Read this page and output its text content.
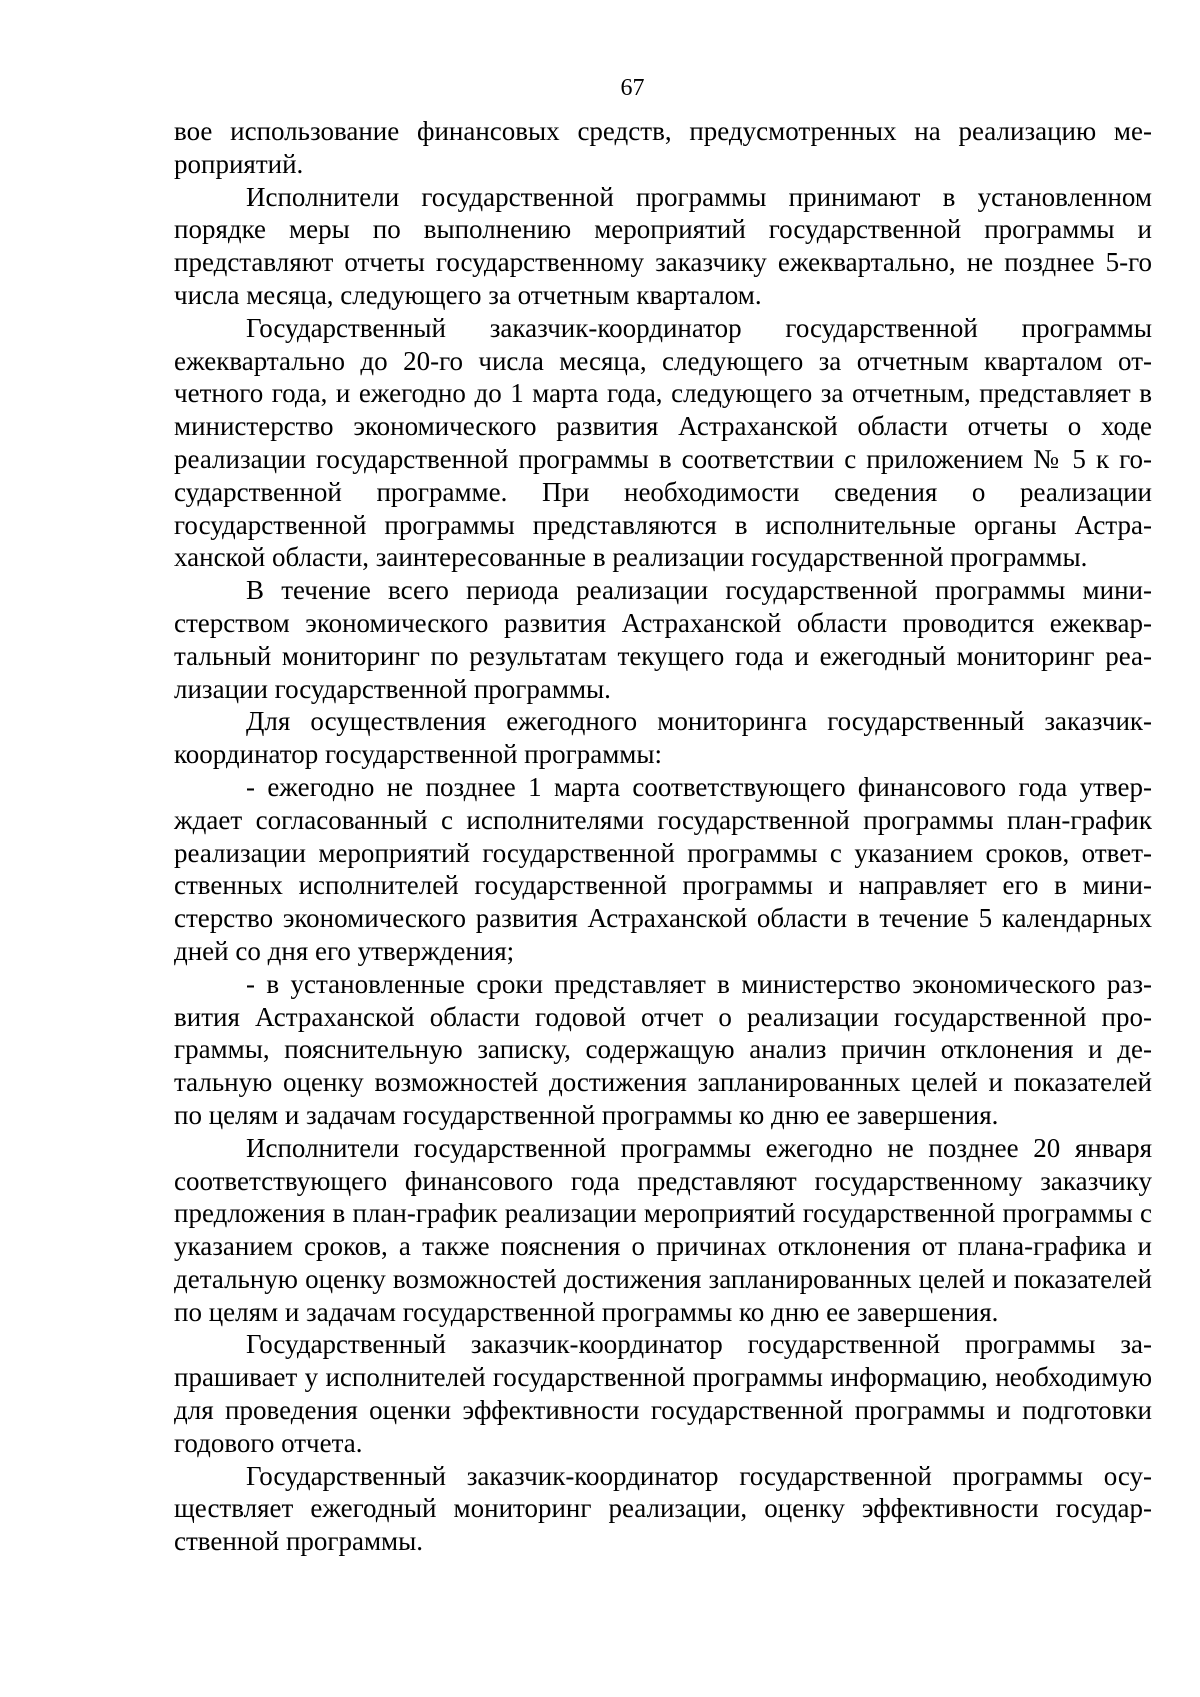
67

вое использование финансовых средств, предусмотренных на реализацию мероприятий.

Исполнители государственной программы принимают в установленном порядке меры по выполнению мероприятий государственной программы и представляют отчеты государственному заказчику ежеквартально, не позднее 5-го числа месяца, следующего за отчетным кварталом.

Государственный заказчик-координатор государственной программы ежеквартально до 20-го числа месяца, следующего за отчетным кварталом отчетного года, и ежегодно до 1 марта года, следующего за отчетным, представляет в министерство экономического развития Астраханской области отчеты о ходе реализации государственной программы в соответствии с приложением № 5 к го-сударственной программе. При необходимости сведения о реализации государственной программы представляются в исполнительные органы Астраханской области, заинтересованные в реализации государственной программы.

В течение всего периода реализации государственной программы министерством экономического развития Астраханской области проводится ежеквартальный мониторинг по результатам текущего года и ежегодный мониторинг реализации государственной программы.

Для осуществления ежегодного мониторинга государственный заказчик-координатор государственной программы:

- ежегодно не позднее 1 марта соответствующего финансового года утверждает согласованный с исполнителями государственной программы план-график реализации мероприятий государственной программы с указанием сроков, ответственных исполнителей государственной программы и направляет его в министерство экономического развития Астраханской области в течение 5 календарных дней со дня его утверждения;

- в установленные сроки представляет в министерство экономического развития Астраханской области годовой отчет о реализации государственной программы, пояснительную записку, содержащую анализ причин отклонения и детальную оценку возможностей достижения запланированных целей и показателей по целям и задачам государственной программы ко дню ее завершения.

Исполнители государственной программы ежегодно не позднее 20 января соответствующего финансового года представляют государственному заказчику предложения в план-график реализации мероприятий государственной программы с указанием сроков, а также пояснения о причинах отклонения от плана-графика и детальную оценку возможностей достижения запланированных целей и показателей по целям и задачам государственной программы ко дню ее завершения.

Государственный заказчик-координатор государственной программы запрашивает у исполнителей государственной программы информацию, необходимую для проведения оценки эффективности государственной программы и подготовки годового отчета.

Государственный заказчик-координатор государственной программы осуществляет ежегодный мониторинг реализации, оценку эффективности государственной программы.
